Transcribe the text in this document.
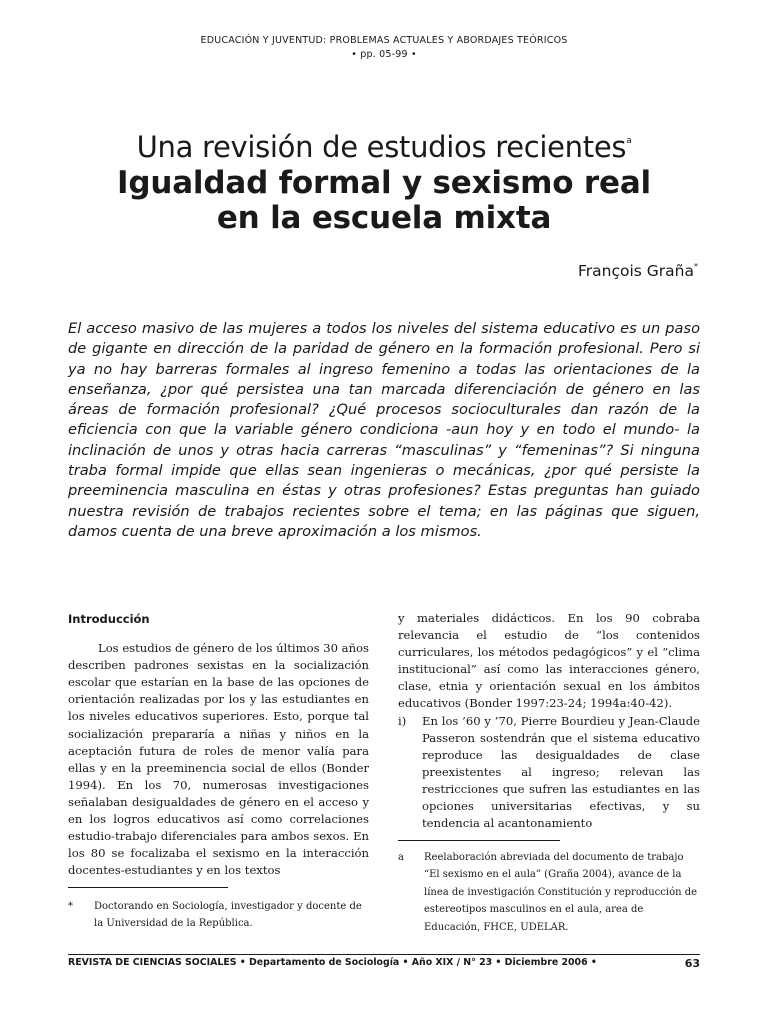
EDUCACIÓN Y JUVENTUD: PROBLEMAS ACTUALES Y ABORDAJES TEÓRICOS
• pp. 05-99 •
Una revisión de estudios recientes$^a$
Igualdad formal y sexismo real
en la escuela mixta
François Graña*

El acceso masivo de las mujeres a todos los niveles del sistema educativo es un paso de gigante en dirección de la paridad de género en la formación profesional. Pero si ya no hay barreras formales al ingreso femenino a todas las orientaciones de la enseñanza, ¿por qué persistea una tan marcada diferenciación de género en las áreas de formación profesional? ¿Qué procesos socioculturales dan razón de la eficiencia con que la variable género condiciona -aun hoy y en todo el mundo- la inclinación de unos y otras hacia carreras “masculinas” y “femeninas”? Si ninguna traba formal impide que ellas sean ingenieras o mecánicas, ¿por qué persiste la preeminencia masculina en éstas y otras profesiones? Estas preguntas han guiado nuestra revisión de trabajos recientes sobre el tema; en las páginas que siguen, damos cuenta de una breve aproximación a los mismos.

Introducción

Los estudios de género de los últimos 30 años describen padrones sexistas en la socialización escolar que estarían en la base de las opciones de orientación realizadas por los y las estudiantes en los niveles educativos superiores. Esto, porque tal socialización prepararía a niñas y niños en la aceptación futura de roles de menor valía para ellas y en la preeminencia social de ellos (Bonder 1994). En los 70, numerosas investigaciones señalaban desigualdades de género en el acceso y en los logros educativos así como correlaciones estudio-trabajo diferenciales para ambos sexos. En los 80 se focalizaba el sexismo en la interacción docentes-estudiantes y en los textos

y materiales didácticos. En los 90 cobraba relevancia el estudio de “los contenidos curriculares, los métodos pedagógicos” y el “clima institucional” así como las interacciones género, clase, etnia y orientación sexual en los ámbitos educativos (Bonder 1997:23-24; 1994a:40-42).

i)	En los ’60 y ’70, Pierre Bourdieu y Jean-Claude Passeron sostendrán que el sistema educativo reproduce las desigualdades de clase preexistentes al ingreso; relevan las restricciones que sufren las estudiantes en las opciones universitarias efectivas, y su tendencia al acantonamiento
*	Doctorando en Sociología, investigador y docente de la Universidad de la República.
a	Reelaboración abreviada del documento de trabajo “El sexismo en el aula” (Graña 2004), avance de la línea de investigación Constitución y reproducción de estereotipos masculinos en el aula, area de Educación, FHCE, UDELAR.
REVISTA DE CIENCIAS SOCIALES • Departamento de Sociología • Año XIX / N° 23 • Diciembre 2006 •	63
